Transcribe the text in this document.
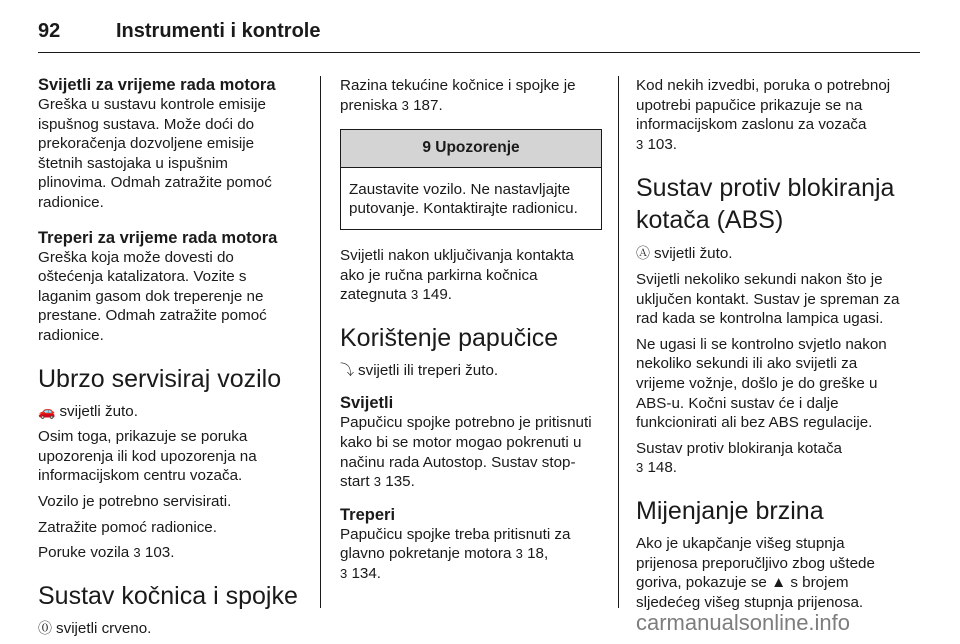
92	Instrumenti i kontrole
Svijetli za vrijeme rada motora

Greška u sustavu kontrole emisije ispušnog sustava. Može doći do prekoračenja dozvoljene emisije štetnih sastojaka u ispušnim plinovima. Odmah zatražite pomoć radionice.

Treperi za vrijeme rada motora

Greška koja može dovesti do oštećenja katalizatora. Vozite s laganim gasom dok treperenje ne prestane. Odmah zatražite pomoć radionice.

Ubrzo servisiraj vozilo

🚗 svijetli žuto.

Osim toga, prikazuje se poruka upozorenja ili kod upozorenja na informacijskom centru vozača.

Vozilo je potrebno servisirati.

Zatražite pomoć radionice.

Poruke vozila 3 103.

Sustav kočnica i spojke

⓪ svijetli crveno.

Razina tekućine kočnice i spojke je preniska 3 187.

9 Upozorenje
Zaustavite vozilo. Ne nastavljajte putovanje. Kontaktirajte radionicu.

Svijetli nakon uključivanja kontakta ako je ručna parkirna kočnica zategnuta 3 149.

Korištenje papučice

⤵ svijetli ili treperi žuto.

Svijetli

Papučicu spojke potrebno je pritisnuti kako bi se motor mogao pokrenuti u načinu rada Autostop. Sustav stop-start 3 135.

Treperi

Papučicu spojke treba pritisnuti za glavno pokretanje motora 3 18,
3 134.

Kod nekih izvedbi, poruka o potrebnoj upotrebi papučice prikazuje se na informacijskom zaslonu za vozača
3 103.

Sustav protiv blokiranja kotača (ABS)

Ⓐ svijetli žuto.

Svijetli nekoliko sekundi nakon što je uključen kontakt. Sustav je spreman za rad kada se kontrolna lampica ugasi.

Ne ugasi li se kontrolno svjetlo nakon nekoliko sekundi ili ako svijetli za vrijeme vožnje, došlo je do greške u ABS-u. Kočni sustav će i dalje funkcionirati ali bez ABS regulacije.

Sustav protiv blokiranja kotača
3 148.

Mijenjanje brzina

Ako je ukapčanje višeg stupnja prijenosa preporučljivo zbog uštede goriva, pokazuje se ▲ s brojem sljedećeg višeg stupnja prijenosa.

carmanualsonline.info
